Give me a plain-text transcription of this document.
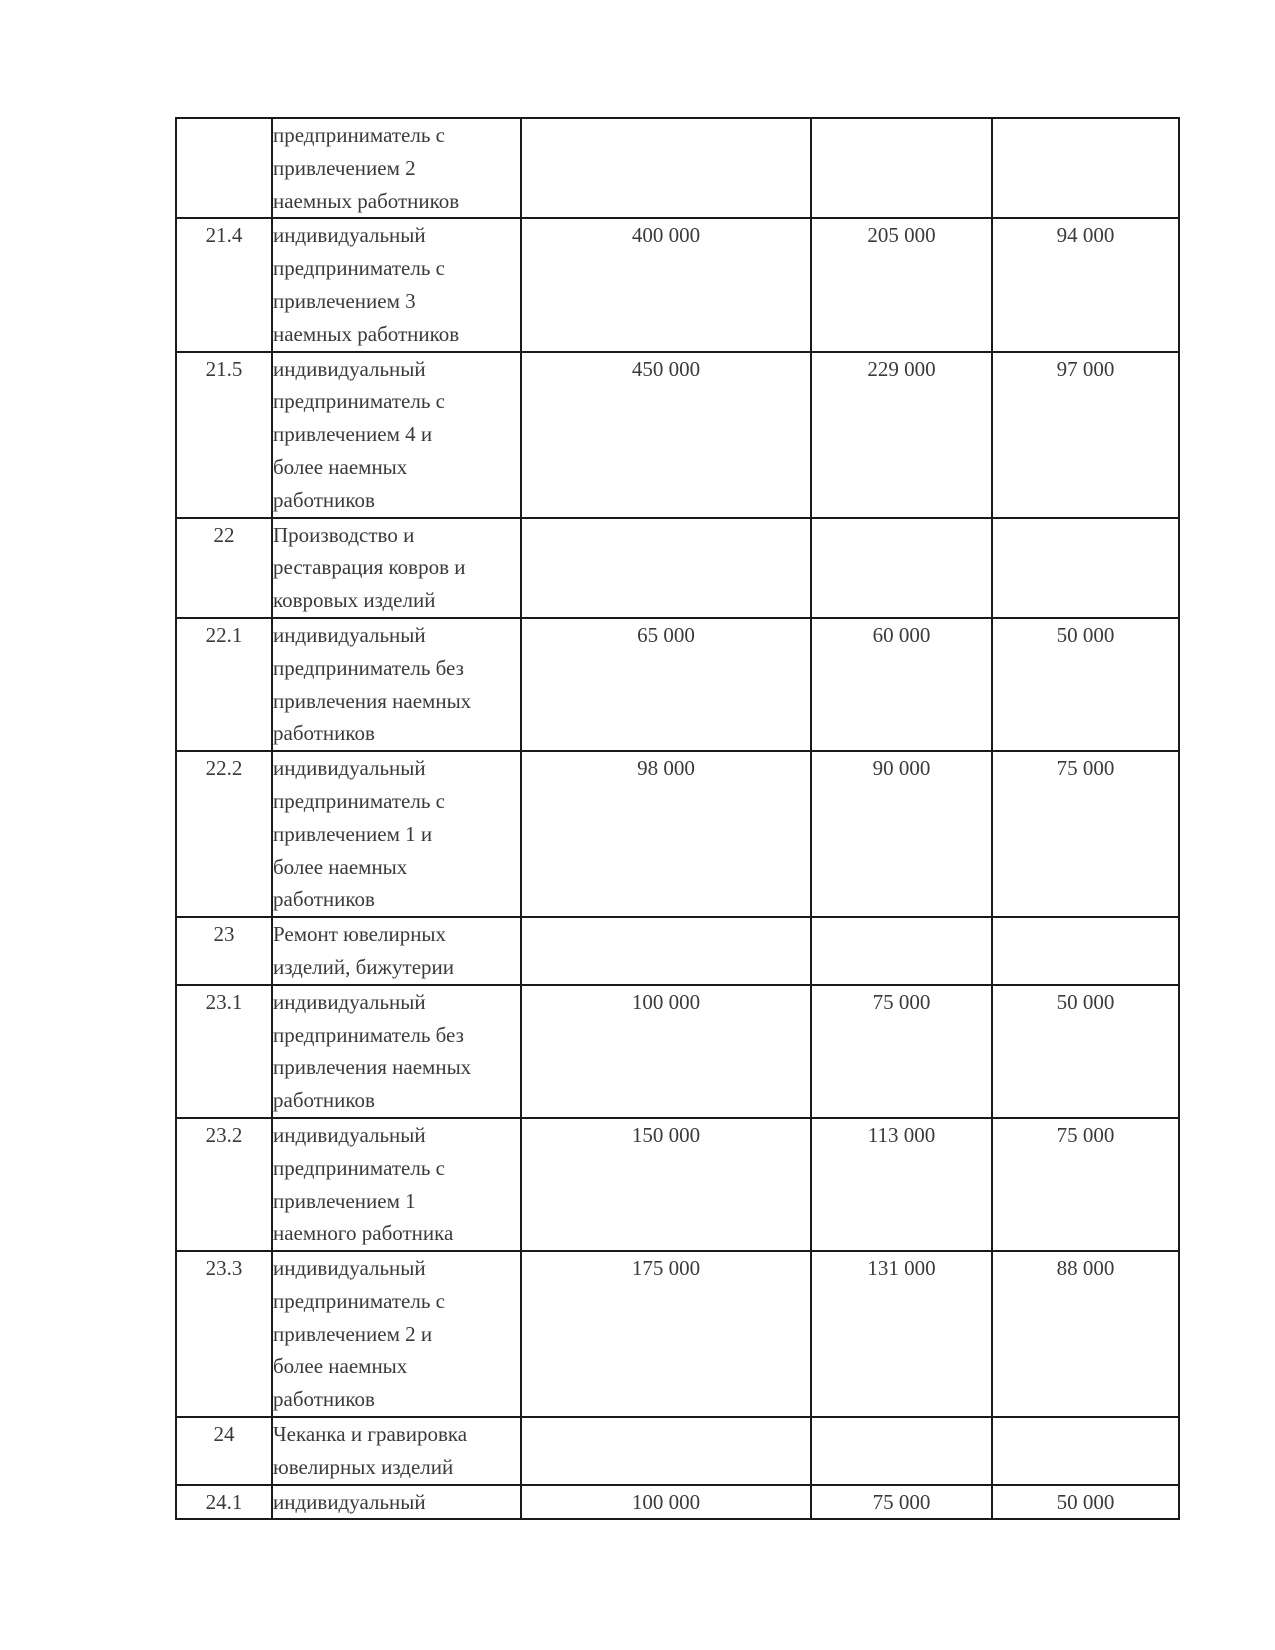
	предприниматель с
привлечением 2
наемных работников			

21.4	индивидуальный
предприниматель с
привлечением 3
наемных работников	400 000	205 000	94 000
21.5	индивидуальный
предприниматель с
привлечением 4 и
более наемных
работников	450 000	229 000	97 000
22	Производство и
реставрация ковров и
ковровых изделий			

22.1	индивидуальный
предприниматель без
привлечения наемных
работников	65 000	60 000	50 000
22.2	индивидуальный
предприниматель с
привлечением 1 и
более наемных
работников	98 000	90 000	75 000
23	Ремонт ювелирных
изделий, бижутерии			

23.1	индивидуальный
предприниматель без
привлечения наемных
работников	100 000	75 000	50 000
23.2	индивидуальный
предприниматель с
привлечением 1
наемного работника	150 000	113 000	75 000
23.3	индивидуальный
предприниматель с
привлечением 2 и
более наемных
работников	175 000	131 000	88 000
24	Чеканка и гравировка
ювелирных изделий			

24.1	индивидуальный	100 000	75 000	50 000
